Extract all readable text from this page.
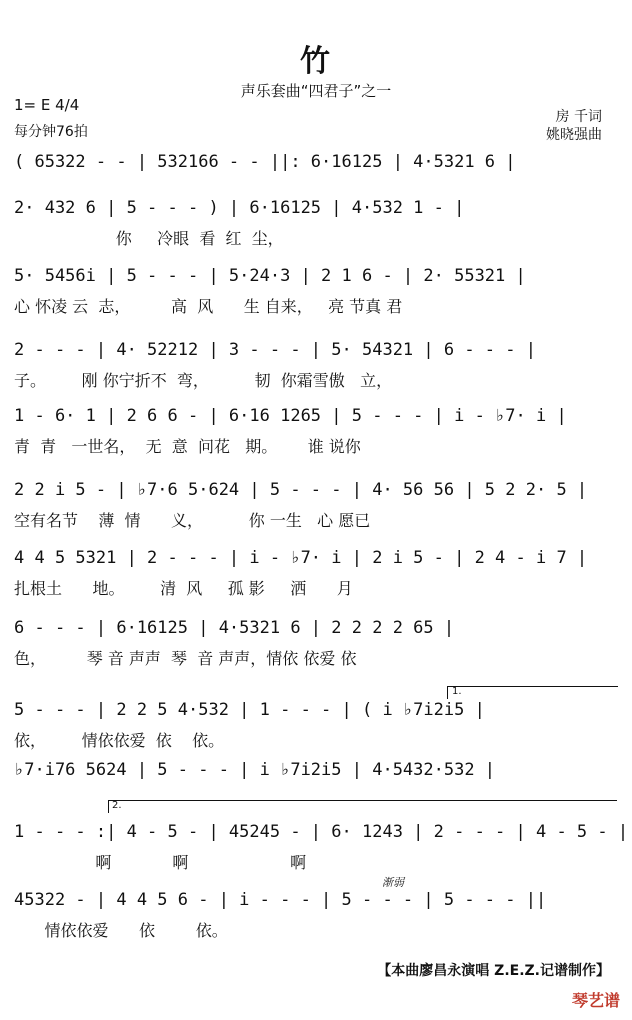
竹
声乐套曲“四君子”之一
1= E 4/4
每分钟76拍
房 千词
姚晓强曲
( 65322 - - | 532166 - - ||: 6·16125 | 4·5321 6 |
2· 432 6 | 5 - - - ) | 6·16125 | 4·532 1 - |
你     冷眼  看  红  尘，
5· 5456i | 5 - - - | 5·24·3 | 2 1 6 - | 2· 55321 |
心 怀凌 云  志，        高  风      生 自来，   亮 节真 君
2 - - - | 4· 52212 | 3 - - - | 5· 54321 | 6 - - - |
子。       刚 你宁折不  弯，         韧  你霜雪傲   立，
1 - 6· 1 | 2 6 6 - | 6·16 1265 | 5 - - - | i - ♭7· i |
青  青   一世名，  无  意  问花   期。      谁 说你
2 2 i 5 - | ♭7·6 5·624 | 5 - - - | 4· 56 56 | 5 2 2· 5 |
空有名节    薄  情      义，         你 一生   心 愿已
4 4 5 5321 | 2 - - - | i - ♭7· i | 2 i 5 - | 2 4 - i 7 |
扎根土      地。       清  风     孤 影     洒      月
6 - - - | 6·16125 | 4·5321 6 | 2 2 2 2 65 |
色，        琴 音 声声  琴  音 声声，情依 依爱 依
5 - - - | 2 2 5 4·532 | 1 - - - | ( i ♭7i2i5 |
依，       情依依爱  依    依。
♭7·i76 5624 | 5 - - - | i ♭7i2i5 | 4·5432·532 |
1 - - - :| 4 - 5 - | 45245 - | 6· 1243 | 2 - - - | 4 - 5 - |
啊            啊                    啊
45322 - | 4 4 5 6 - | i - - - | 5 - - - | 5 - - - ||
情依依爱      依        依。
1.
2.
渐弱
【本曲廖昌永演唱 Z.E.Z.记谱制作】
琴艺谱
